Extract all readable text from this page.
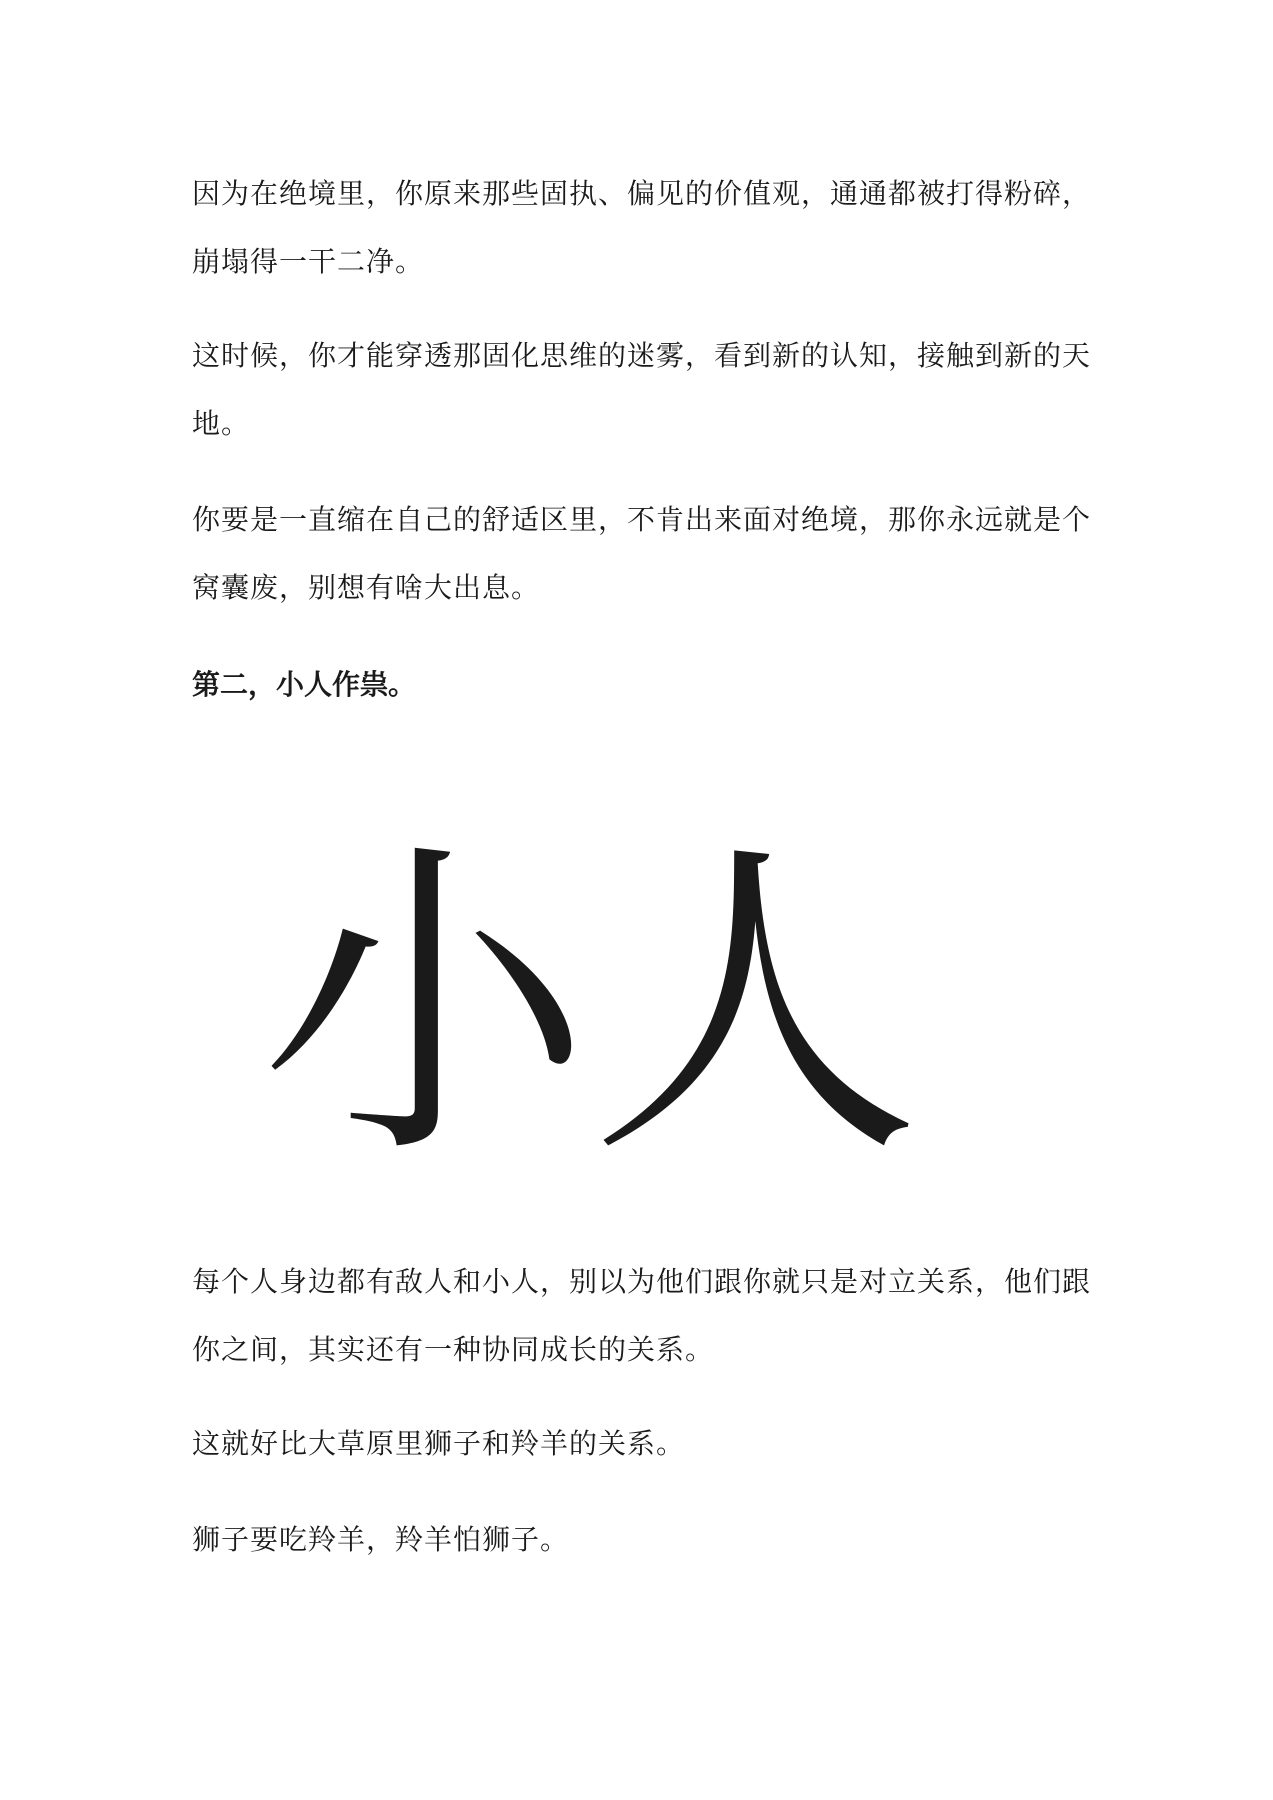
因为在绝境里，你原来那些固执、偏见的价值观，通通都被打得粉碎，
崩塌得一干二净。

这时候，你才能穿透那固化思维的迷雾，看到新的认知，接触到新的天
地。

你要是一直缩在自己的舒适区里，不肯出来面对绝境，那你永远就是个
窝囊废，别想有啥大出息。

第二，小人作祟。

小人

每个人身边都有敌人和小人，别以为他们跟你就只是对立关系，他们跟
你之间，其实还有一种协同成长的关系。

这就好比大草原里狮子和羚羊的关系。

狮子要吃羚羊，羚羊怕狮子。
